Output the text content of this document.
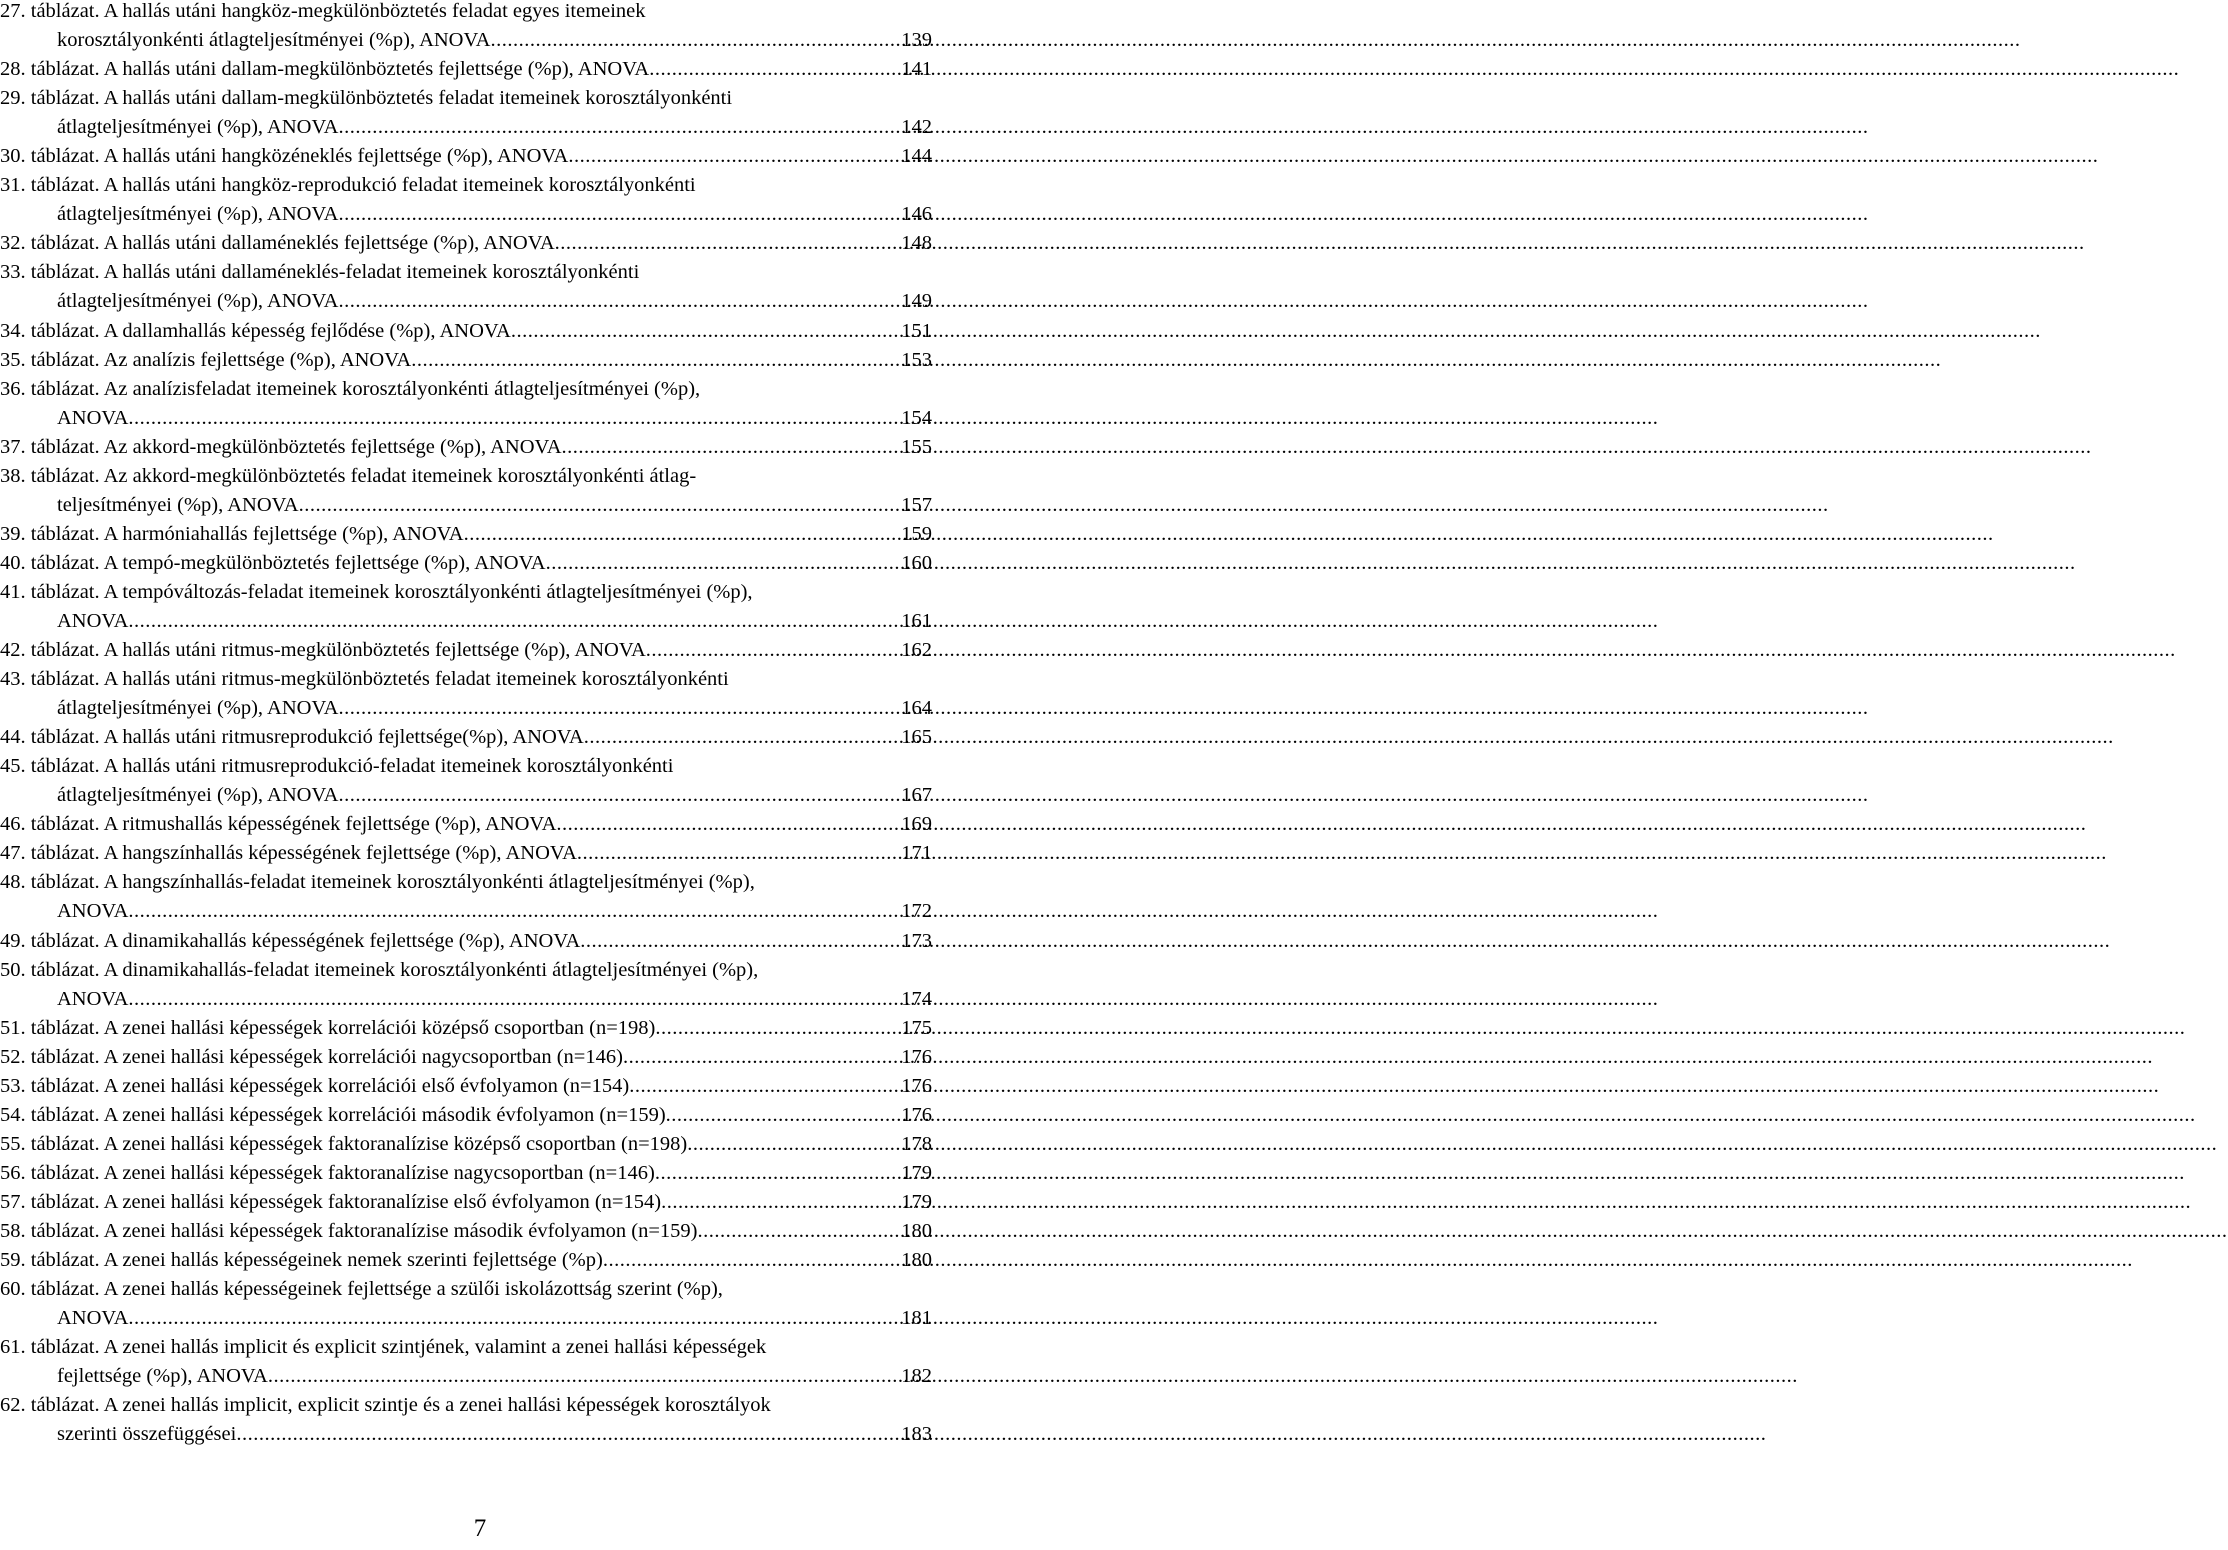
27. táblázat. A hallás utáni hangköz-megkülönböztetés feladat egyes itemeinek
korosztályonkénti átlagteljesítményei (%p), ANOVA .....	139
28. táblázat. A hallás utáni dallam-megkülönböztetés fejlettsége (%p), ANOVA .....	141
29. táblázat. A hallás utáni dallam-megkülönböztetés feladat itemeinek korosztályonkénti
átlagteljesítményei (%p), ANOVA .....	142
30. táblázat. A hallás utáni hangközéneklés fejlettsége (%p), ANOVA .....	144
31. táblázat. A hallás utáni hangköz-reprodukció feladat itemeinek korosztályonkénti
átlagteljesítményei (%p), ANOVA .....	146
32. táblázat. A hallás utáni dallaméneklés fejlettsége (%p), ANOVA .....	148
33. táblázat. A hallás utáni dallaméneklés-feladat itemeinek korosztályonkénti
átlagteljesítményei (%p), ANOVA .....	149
34. táblázat. A dallamhallás képesség fejlődése (%p), ANOVA .....	151
35. táblázat. Az analízis fejlettsége (%p), ANOVA .....	153
36. táblázat. Az analízisfeladat itemeinek korosztályonkénti átlagteljesítményei (%p),
ANOVA .....	154
37. táblázat. Az akkord-megkülönböztetés fejlettsége (%p), ANOVA .....	155
38. táblázat. Az akkord-megkülönböztetés feladat itemeinek korosztályonkénti átlag-
teljesítményei (%p), ANOVA .....	157
39. táblázat. A harmóniahallás fejlettsége (%p), ANOVA .....	159
40. táblázat. A tempó-megkülönböztetés fejlettsége (%p), ANOVA .....	160
41. táblázat. A tempóváltozás-feladat itemeinek korosztályonkénti átlagteljesítményei (%p),
ANOVA .....	161
42. táblázat. A hallás utáni ritmus-megkülönböztetés fejlettsége (%p), ANOVA .....	162
43. táblázat. A hallás utáni ritmus-megkülönböztetés feladat itemeinek korosztályonkénti
átlagteljesítményei (%p), ANOVA .....	164
44. táblázat. A hallás utáni ritmusreprodukció fejlettsége(%p), ANOVA .....	165
45. táblázat. A hallás utáni ritmusreprodukció-feladat itemeinek korosztályonkénti
átlagteljesítményei (%p), ANOVA .....	167
46. táblázat. A ritmushallás képességének fejlettsége (%p), ANOVA .....	169
47. táblázat. A hangszínhallás képességének fejlettsége (%p), ANOVA .....	171
48. táblázat. A hangszínhallás-feladat itemeinek korosztályonkénti átlagteljesítményei (%p),
ANOVA .....	172
49. táblázat. A dinamikahallás képességének fejlettsége (%p), ANOVA .....	173
50. táblázat. A dinamikahallás-feladat itemeinek korosztályonkénti átlagteljesítményei (%p),
ANOVA .....	174
51. táblázat. A zenei hallási képességek korrelációi középső csoportban (n=198) .....	175
52. táblázat. A zenei hallási képességek korrelációi nagycsoportban (n=146) .....	176
53. táblázat. A zenei hallási képességek korrelációi első évfolyamon (n=154) .....	176
54. táblázat. A zenei hallási képességek korrelációi második évfolyamon (n=159) .....	176
55. táblázat. A zenei hallási képességek faktoranalízise középső csoportban (n=198) .....	178
56. táblázat. A zenei hallási képességek faktoranalízise nagycsoportban (n=146) .....	179
57. táblázat. A zenei hallási képességek faktoranalízise első évfolyamon (n=154) .....	179
58. táblázat. A zenei hallási képességek faktoranalízise második évfolyamon (n=159) .....	180
59. táblázat. A zenei hallás képességeinek nemek szerinti fejlettsége (%p) .....	180
60. táblázat. A zenei hallás képességeinek fejlettsége a szülői iskolázottság szerint (%p),
ANOVA .....	181
61. táblázat. A zenei hallás implicit és explicit szintjének, valamint a zenei hallási képességek
fejlettsége (%p), ANOVA .....	182
62. táblázat. A zenei hallás implicit, explicit szintje és a zenei hallási képességek korosztályok
szerinti összefüggései .....	183
7
